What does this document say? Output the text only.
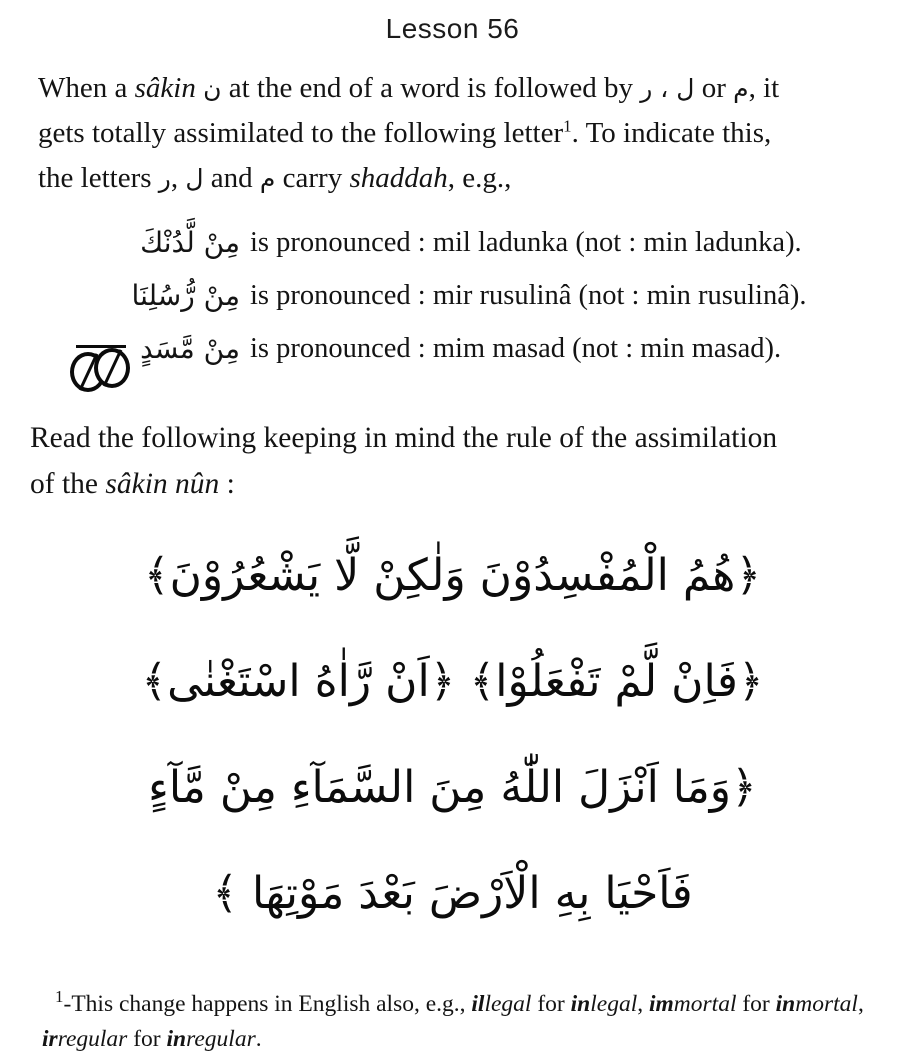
Lesson 56
When a sâkin ن at the end of a word is followed by ر ، ل or م, it
gets totally assimilated to the following letter$^1$. To indicate this,
the letters ر, ل and م carry shaddah, e.g.,
مِنْ لَّدُنْكَ is pronounced : mil ladunka (not : min ladunka).
مِنْ رُّسُلِنَا is pronounced : mir rusulinâ (not : min rusulinâ).
مِنْ مَّسَدٍ is pronounced : mim masad (not : min masad).
Read the following keeping in mind the rule of the assimilation
of the sâkin nûn :
﴿هُمُ الْمُفْسِدُوْنَ وَلٰكِنْ لَّا يَشْعُرُوْنَ﴾
﴿فَاِنْ لَّمْ تَفْعَلُوْا﴾ ﴿اَنْ رَّاٰهُ اسْتَغْنٰى﴾
﴿وَمَا اَنْزَلَ اللّٰهُ مِنَ السَّمَآءِ مِنْ مَّآءٍ
فَاَحْيَا بِهِ الْاَرْضَ بَعْدَ مَوْتِهَا ﴾
$^1$-This change happens in English also, e.g., illegal for inlegal, immortal for inmortal,
irregular for inregular.
